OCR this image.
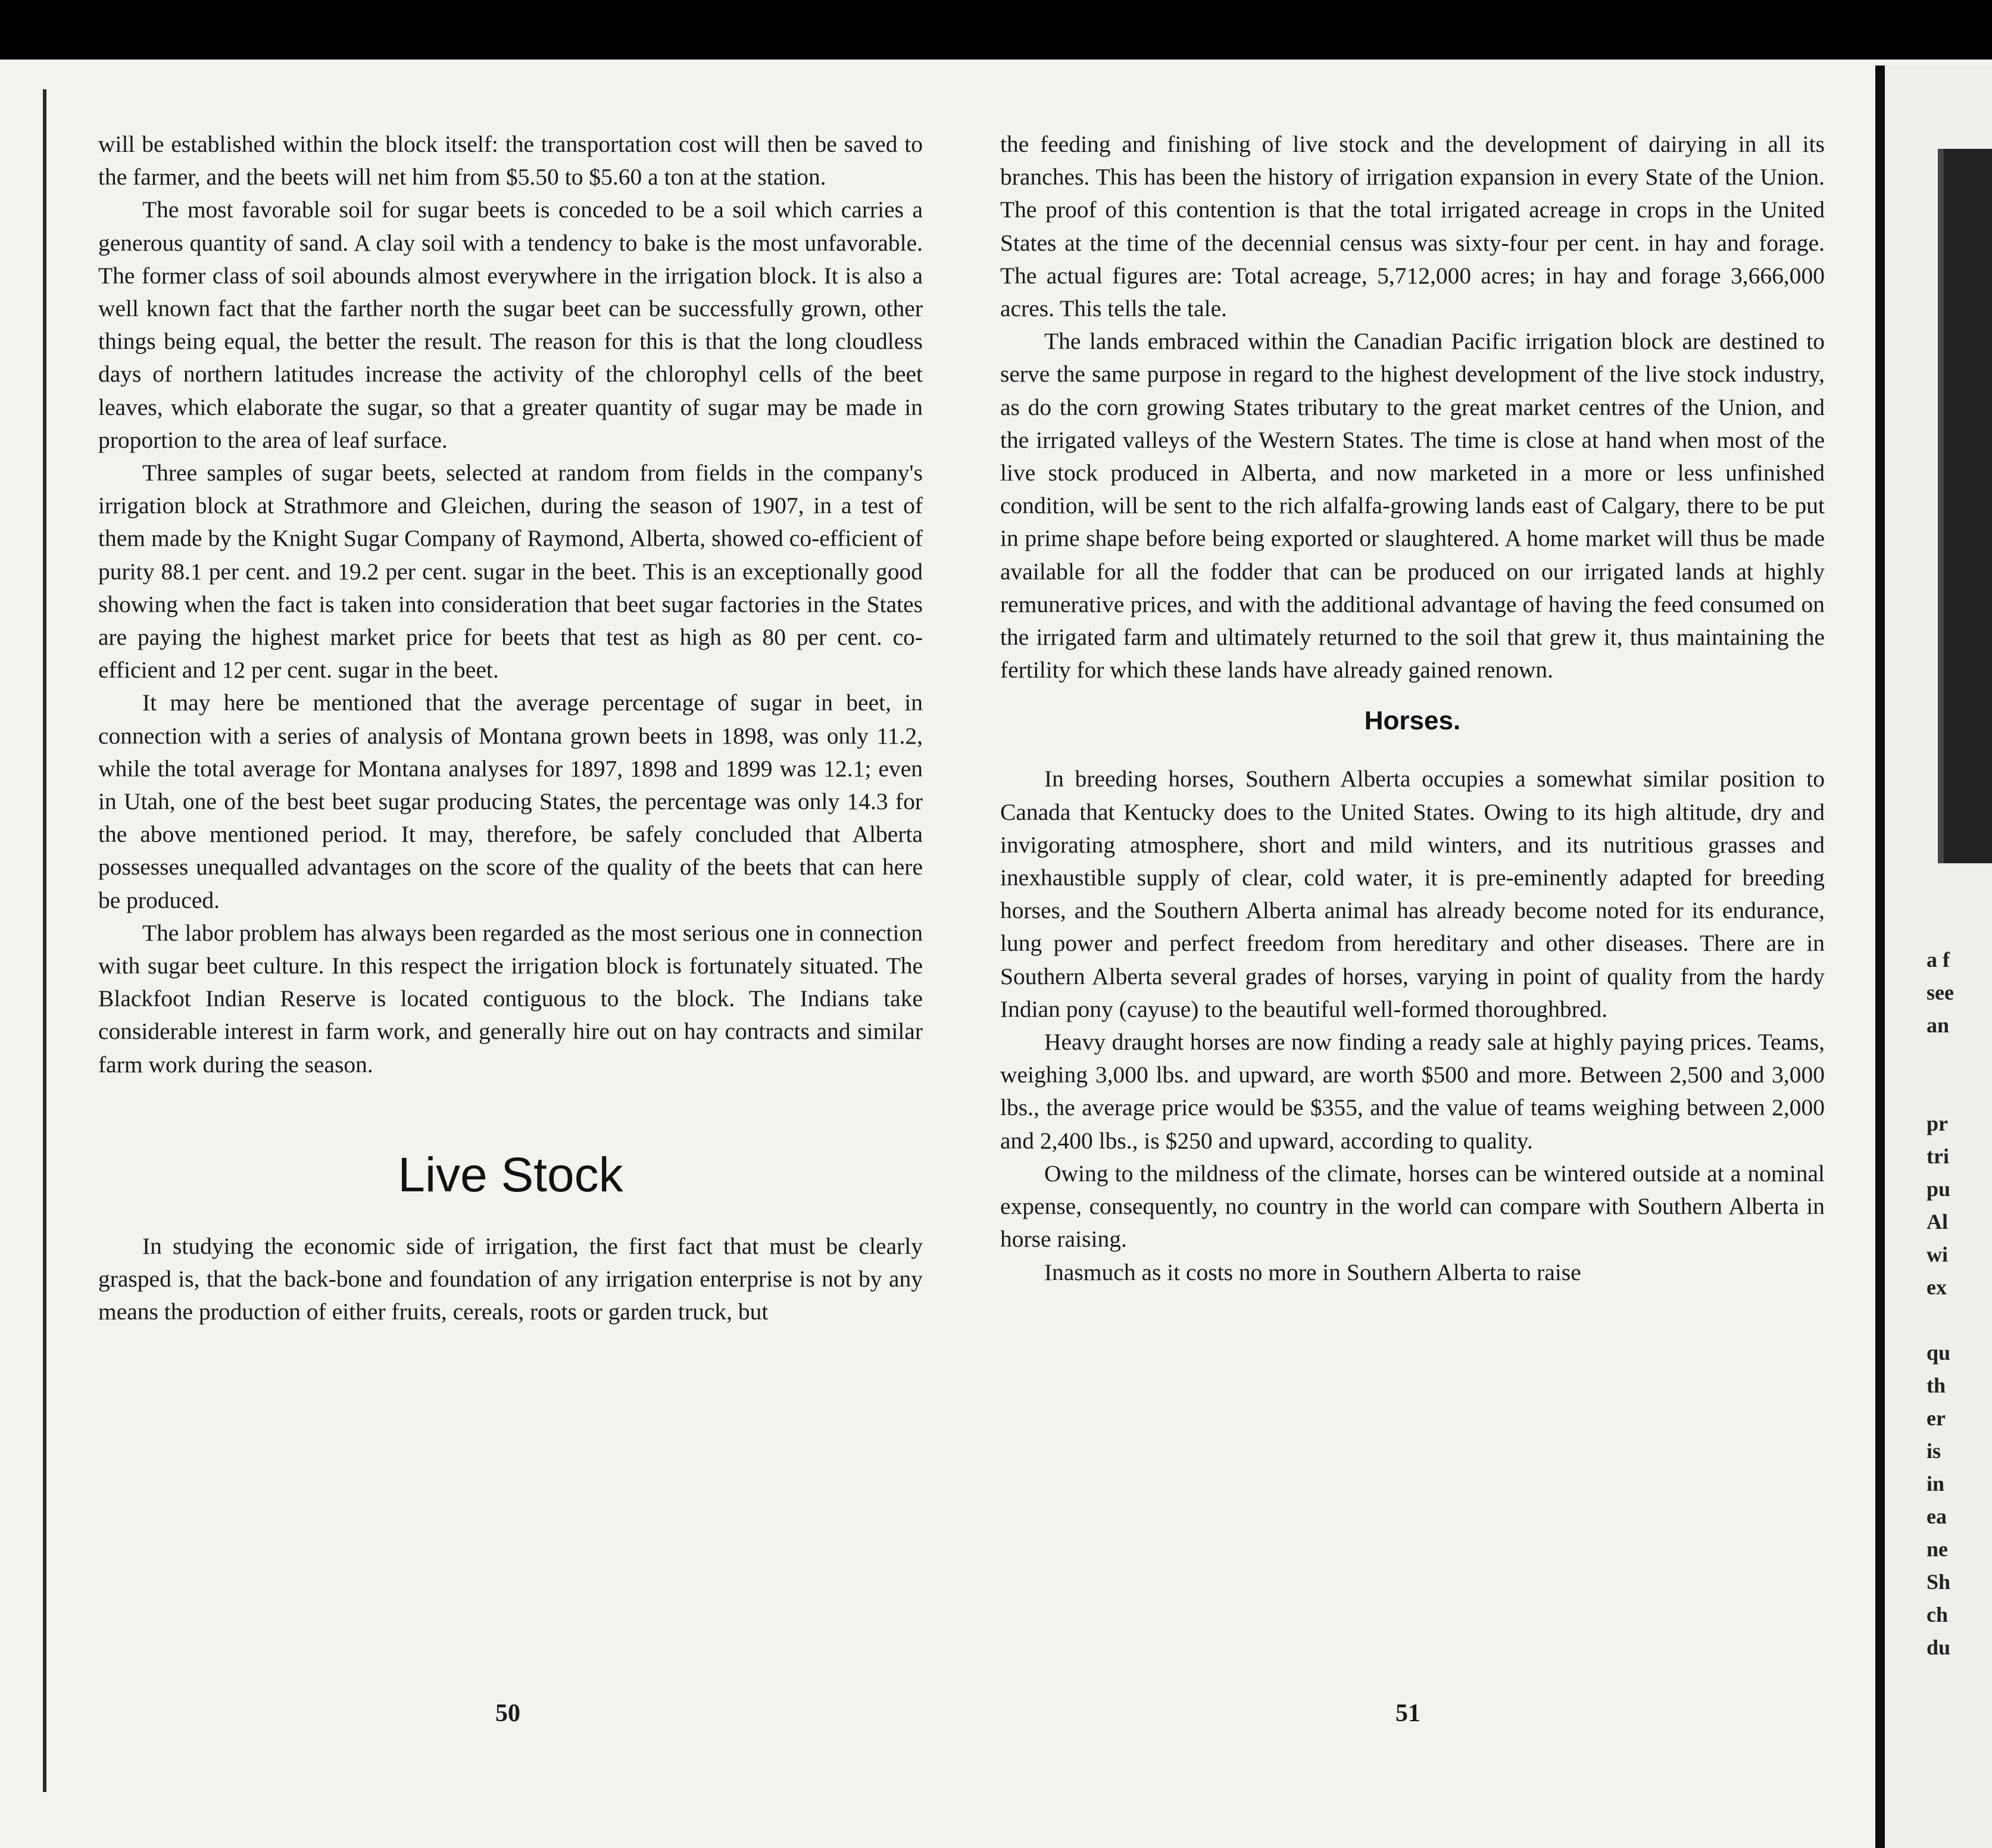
will be established within the block itself: the transportation cost will then be saved to the farmer, and the beets will net him from $5.50 to $5.60 a ton at the station.

The most favorable soil for sugar beets is conceded to be a soil which carries a generous quantity of sand. A clay soil with a tendency to bake is the most unfavorable. The former class of soil abounds almost everywhere in the irrigation block. It is also a well known fact that the farther north the sugar beet can be successfully grown, other things being equal, the better the result. The reason for this is that the long cloudless days of northern latitudes increase the activity of the chlorophyl cells of the beet leaves, which elaborate the sugar, so that a greater quantity of sugar may be made in proportion to the area of leaf surface.

Three samples of sugar beets, selected at random from fields in the company's irrigation block at Strathmore and Gleichen, during the season of 1907, in a test of them made by the Knight Sugar Company of Raymond, Alberta, showed co-efficient of purity 88.1 per cent. and 19.2 per cent. sugar in the beet. This is an exceptionally good showing when the fact is taken into consideration that beet sugar factories in the States are paying the highest market price for beets that test as high as 80 per cent. co-efficient and 12 per cent. sugar in the beet.

It may here be mentioned that the average percentage of sugar in beet, in connection with a series of analysis of Montana grown beets in 1898, was only 11.2, while the total average for Montana analyses for 1897, 1898 and 1899 was 12.1; even in Utah, one of the best beet sugar producing States, the percentage was only 14.3 for the above mentioned period. It may, therefore, be safely concluded that Alberta possesses unequalled advantages on the score of the quality of the beets that can here be produced.

The labor problem has always been regarded as the most serious one in connection with sugar beet culture. In this respect the irrigation block is fortunately situated. The Blackfoot Indian Reserve is located contiguous to the block. The Indians take considerable interest in farm work, and generally hire out on hay contracts and similar farm work during the season.

Live Stock

In studying the economic side of irrigation, the first fact that must be clearly grasped is, that the back-bone and foundation of any irrigation enterprise is not by any means the production of either fruits, cereals, roots or garden truck, but

50

the feeding and finishing of live stock and the development of dairying in all its branches. This has been the history of irrigation expansion in every State of the Union. The proof of this contention is that the total irrigated acreage in crops in the United States at the time of the decennial census was sixty-four per cent. in hay and forage. The actual figures are: Total acreage, 5,712,000 acres; in hay and forage 3,666,000 acres. This tells the tale.

The lands embraced within the Canadian Pacific irrigation block are destined to serve the same purpose in regard to the highest development of the live stock industry, as do the corn growing States tributary to the great market centres of the Union, and the irrigated valleys of the Western States. The time is close at hand when most of the live stock produced in Alberta, and now marketed in a more or less unfinished condition, will be sent to the rich alfalfa-growing lands east of Calgary, there to be put in prime shape before being exported or slaughtered. A home market will thus be made available for all the fodder that can be produced on our irrigated lands at highly remunerative prices, and with the additional advantage of having the feed consumed on the irrigated farm and ultimately returned to the soil that grew it, thus maintaining the fertility for which these lands have already gained renown.

Horses.

In breeding horses, Southern Alberta occupies a somewhat similar position to Canada that Kentucky does to the United States. Owing to its high altitude, dry and invigorating atmosphere, short and mild winters, and its nutritious grasses and inexhaustible supply of clear, cold water, it is pre-eminently adapted for breeding horses, and the Southern Alberta animal has already become noted for its endurance, lung power and perfect freedom from hereditary and other diseases. There are in Southern Alberta several grades of horses, varying in point of quality from the hardy Indian pony (cayuse) to the beautiful well-formed thoroughbred.

Heavy draught horses are now finding a ready sale at highly paying prices. Teams, weighing 3,000 lbs. and upward, are worth $500 and more. Between 2,500 and 3,000 lbs., the average price would be $355, and the value of teams weighing between 2,000 and 2,400 lbs., is $250 and upward, according to quality.

Owing to the mildness of the climate, horses can be wintered outside at a nominal expense, consequently, no country in the world can compare with Southern Alberta in horse raising.

Inasmuch as it costs no more in Southern Alberta to raise

51
a f
see
an

pr
tri
pu
Al
wi
ex

qu
th
er
is
in
ea
ne
Sh
ch
du
